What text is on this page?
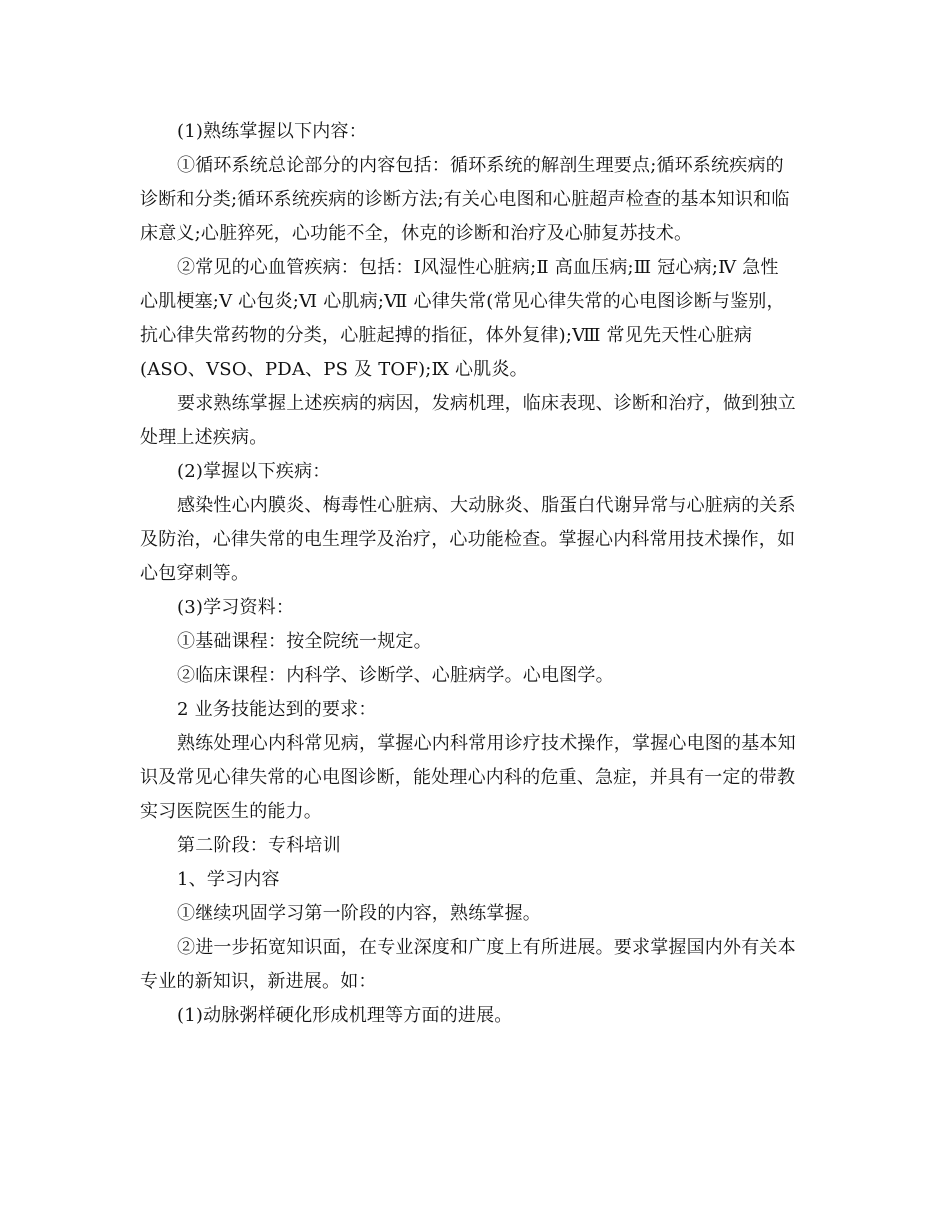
(1)熟练掌握以下内容：

①循环系统总论部分的内容包括：循环系统的解剖生理要点;循环系统疾病的
诊断和分类;循环系统疾病的诊断方法;有关心电图和心脏超声检查的基本知识和临
床意义;心脏猝死，心功能不全，休克的诊断和治疗及心肺复苏技术。

②常见的心血管疾病：包括：Ⅰ风湿性心脏病;Ⅱ 高血压病;Ⅲ 冠心病;Ⅳ 急性
心肌梗塞;Ⅴ 心包炎;Ⅵ 心肌病;Ⅶ 心律失常(常见心律失常的心电图诊断与鉴别，
抗心律失常药物的分类，心脏起搏的指征，体外复律);Ⅷ 常见先天性心脏病
(ASO、VSO、PDA、PS 及 TOF);Ⅸ 心肌炎。

要求熟练掌握上述疾病的病因，发病机理，临床表现、诊断和治疗，做到独立
处理上述疾病。

(2)掌握以下疾病：

感染性心内膜炎、梅毒性心脏病、大动脉炎、脂蛋白代谢异常与心脏病的关系
及防治，心律失常的电生理学及治疗，心功能检查。掌握心内科常用技术操作，如
心包穿刺等。

(3)学习资料：

①基础课程：按全院统一规定。

②临床课程：内科学、诊断学、心脏病学。心电图学。

2 业务技能达到的要求：

熟练处理心内科常见病，掌握心内科常用诊疗技术操作，掌握心电图的基本知
识及常见心律失常的心电图诊断，能处理心内科的危重、急症，并具有一定的带教
实习医院医生的能力。

第二阶段：专科培训

1、学习内容

①继续巩固学习第一阶段的内容，熟练掌握。

②进一步拓宽知识面，在专业深度和广度上有所进展。要求掌握国内外有关本
专业的新知识，新进展。如：

(1)动脉粥样硬化形成机理等方面的进展。
